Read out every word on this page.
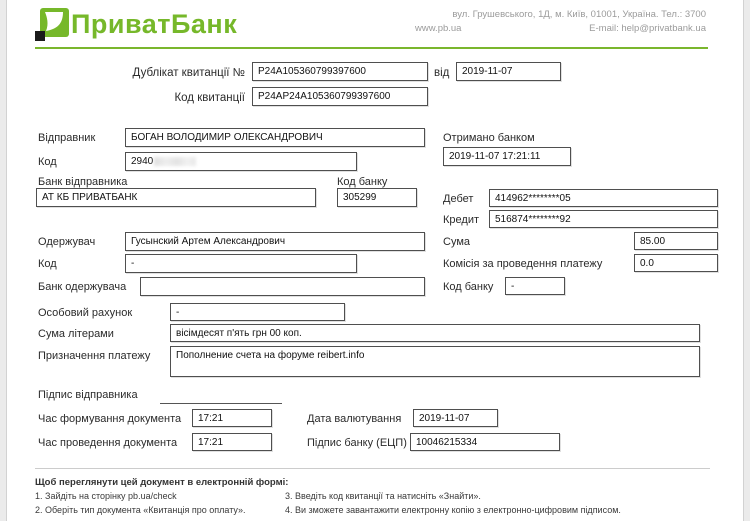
ПриватБанк	вул. Грушевського, 1Д, м. Київ, 01001, Україна. Тел.: 3700
www.pb.ua	E-mail: help@privatbank.ua
Дублікат квитанції №	P24A105360799397600	від	2019-11-07
Код квитанції	P24AP24A105360799397600
Відправник	БОГАН ВОЛОДИМИР ОЛЕКСАНДРОВИЧ
Код	2940
Банк відправника
АТ КБ ПРИВАТБАНК
Код банку
305299
Отримано банком
2019-11-07 17:21:11
Дебет	414962********05
Кредит	516874********92
Одержувач	Гусынский Артем Александрович	Сума	85.00
Код	-	Комісія за проведення платежу	0.0
Банк одержувача	Код банку	-
Особовий рахунок	-
Сума літерами	вісімдесят п'ять грн 00 коп.
Призначення платежу	Пополнение счета на форуме reibert.info
Підпис відправника
Час формування документа	17:21	Дата валютування	2019-11-07
Час проведення документа	17:21	Підпис банку (ЕЦП) 10046215334
Щоб переглянути цей документ в електронній формі:
1. Зайдіть на сторінку pb.ua/check
2. Оберіть тип документа «Квитанція про оплату».
3. Введіть код квитанції та натисніть «Знайти».
4. Ви зможете завантажити електронну копію з електронно-цифровим підписом.
